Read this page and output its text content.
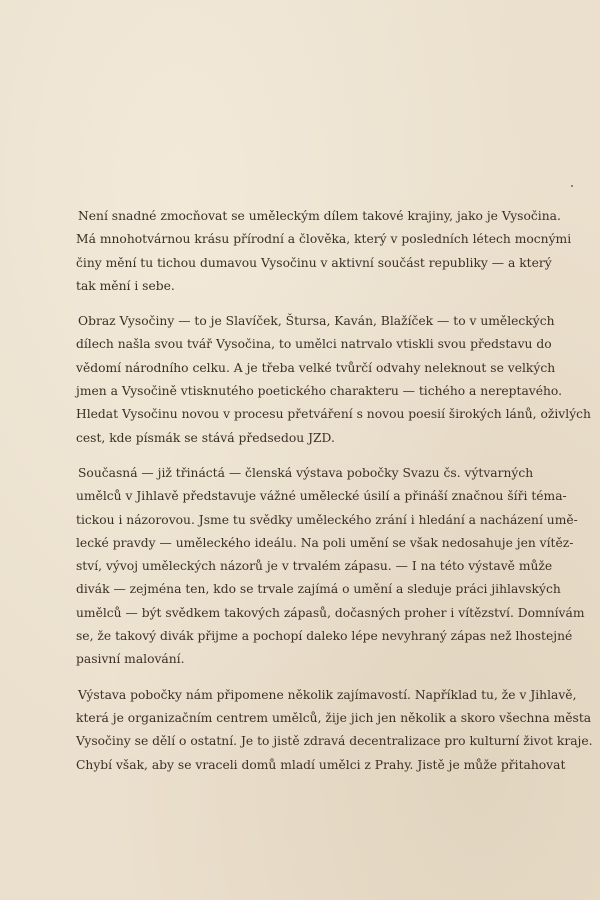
Není snadné zmocňovat se uměleckým dílem takové krajiny, jako je Vysočina.
Má mnohotvárnou krásu přírodní a člověka, který v posledních létech mocnými
činy mění tu tichou dumavou Vysočinu v aktivní součást republiky — a který
tak mění i sebe.

Obraz Vysočiny — to je Slavíček, Štursa, Kaván, Blažíček — to v uměleckých
dílech našla svou tvář Vysočina, to umělci natrvalo vtiskli svou představu do
vědomí národního celku. A je třeba velké tvůrčí odvahy neleknout se velkých
jmen a Vysočině vtisknutého poetického charakteru — tichého a nereptavého.
Hledat Vysočinu novou v procesu přetváření s novou poesií širokých lánů, oživlých
cest, kde písmák se stává předsedou JZD.

Současná — již třináctá — členská výstava pobočky Svazu čs. výtvarných
umělců v Jihlavě představuje vážné umělecké úsilí a přináší značnou šíři téma-
tickou i názorovou. Jsme tu svědky uměleckého zrání i hledání a nacházení umě-
lecké pravdy — uměleckého ideálu. Na poli umění se však nedosahuje jen vítěz-
ství, vývoj uměleckých názorů je v trvalém zápasu. — I na této výstavě může
divák — zejména ten, kdo se trvale zajímá o umění a sleduje práci jihlavských
umělců — být svědkem takových zápasů, dočasných proher i vítězství. Domnívám
se, že takový divák přijme a pochopí daleko lépe nevyhraný zápas než lhostejné
pasivní malování.

Výstava pobočky nám připomene několik zajímavostí. Například tu, že v Jihlavě,
která je organizačním centrem umělců, žije jich jen několik a skoro všechna města
Vysočiny se dělí o ostatní. Je to jistě zdravá decentralizace pro kulturní život kraje.
Chybí však, aby se vraceli domů mladí umělci z Prahy. Jistě je může přitahovat
